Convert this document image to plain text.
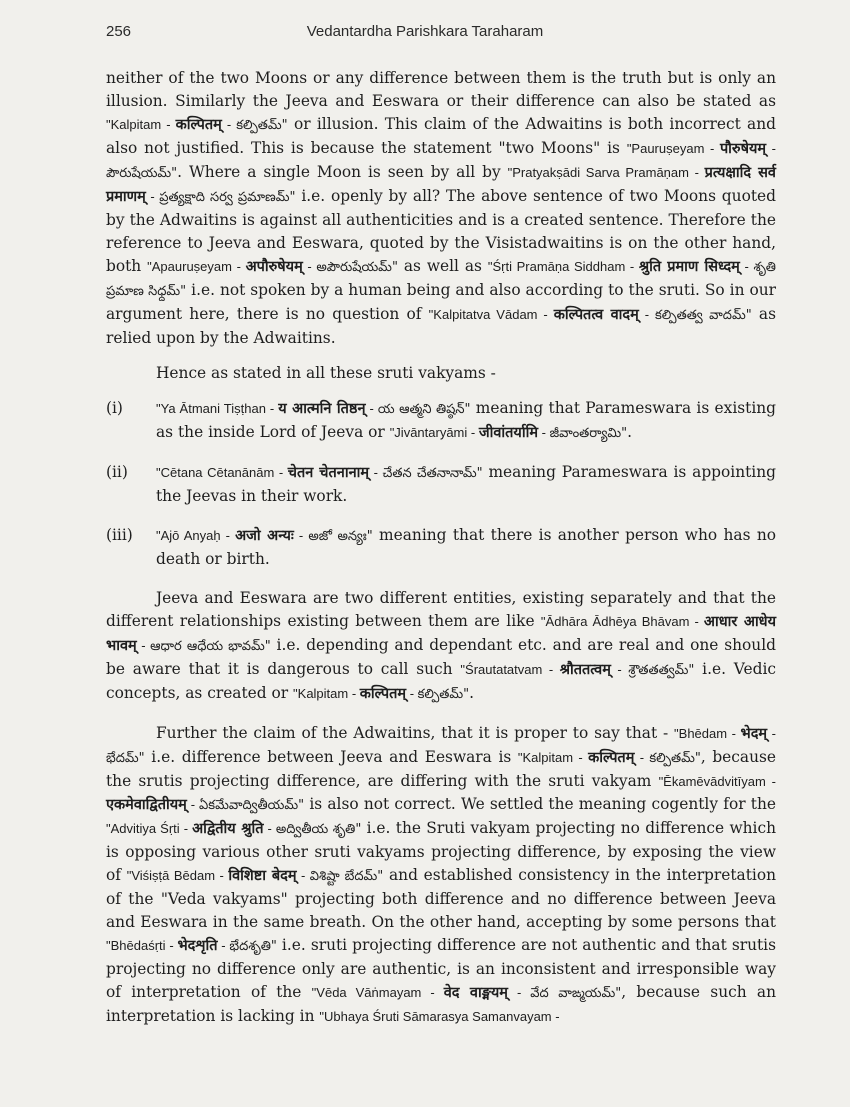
256	Vedantardha Parishkara Taraharam

neither of the two Moons or any difference between them is the truth but is only an illusion. Similarly the Jeeva and Eeswara or their difference can also be stated as "Kalpitam - कल्पितम् - కల్పితమ్" or illusion. This claim of the Adwaitins is both incorrect and also not justified. This is because the statement "two Moons" is "Pauruṣeyam - पौरुषेयम् - పౌరుషేయమ్". Where a single Moon is seen by all by "Pratyakṣādi Sarva Pramāṇam - प्रत्यक्षादि सर्व प्रमाणम् - ప్రత్యక్షాది సర్వ ప్రమాణమ్" i.e. openly by all? The above sentence of two Moons quoted by the Adwaitins is against all authenticities and is a created sentence. Therefore the reference to Jeeva and Eeswara, quoted by the Visistadwaitins is on the other hand, both "Apauruṣeyam - अपौरुषेयम् - అపౌరుషేయమ్" as well as "Śṛti Pramāṇa Siddham - श्रुति प्रमाण सिध्दम् - శృతి ప్రమాణ సిధ్దమ్" i.e. not spoken by a human being and also according to the sruti. So in our argument here, there is no question of "Kalpitatva Vādam - कल्पितत्व वादम् - కల్పితత్వ వాదమ్" as relied upon by the Adwaitins.

Hence as stated in all these sruti vakyams -

(i)	"Ya Ātmani Tiṣṭhan - य आत्मनि तिष्ठन् - య ఆత్మని తిష్ఠన్" meaning that Parameswara is existing as the inside Lord of Jeeva or "Jivāntaryāmi - जीवांतर्यामि - జీవాంతర్యామి".
(ii)	"Cētana Cētanānām - चेतन चेतनानाम् - చేతన చేతనానామ్" meaning Parameswara is appointing the Jeevas in their work.
(iii)	"Ajō Anyaḥ - अजो अन्यः - అజో అన్యః" meaning that there is another person who has no death or birth.

Jeeva and Eeswara are two different entities, existing separately and that the different relationships existing between them are like "Ādhāra Ādhēya Bhāvam - आधार आधेय भावम् - ఆధార ఆధేయ భావమ్" i.e. depending and dependant etc. and are real and one should be aware that it is dangerous to call such "Śrautatatvam - श्रौततत्वम् - శ్రౌతతత్వమ్" i.e. Vedic concepts, as created or "Kalpitam - कल्पितम् - కల్పితమ్".

Further the claim of the Adwaitins, that it is proper to say that - "Bhēdam - भेदम् - భేదమ్" i.e. difference between Jeeva and Eeswara is "Kalpitam - कल्पितम् - కల్పితమ్", because the srutis projecting difference, are differing with the sruti vakyam "Ēkamēvādvitīyam - एकमेवाद्वितीयम् - ఏకమేవాద్వితీయమ్" is also not correct. We settled the meaning cogently for the "Advitiya Śṛti - अद्वितीय श्रुति - అద్వితీయ శృతి" i.e. the Sruti vakyam projecting no difference which is opposing various other sruti vakyams projecting difference, by exposing the view of "Viśiṣṭā Bēdam - विशिष्टा बेदम् - విశిష్టా బేదమ్" and established consistency in the interpretation of the "Veda vakyams" projecting both difference and no difference between Jeeva and Eeswara in the same breath. On the other hand, accepting by some persons that "Bhēdaśṛti - भेदशृति - భేదశృతి" i.e. sruti projecting difference are not authentic and that srutis projecting no difference only are authentic, is an inconsistent and irresponsible way of interpretation of the "Vēda Vāṅmayam - वेद वाङ्मयम् - వేద వాఙ్మయమ్", because such an interpretation is lacking in "Ubhaya Śruti Sāmarasya Samanvayam -
